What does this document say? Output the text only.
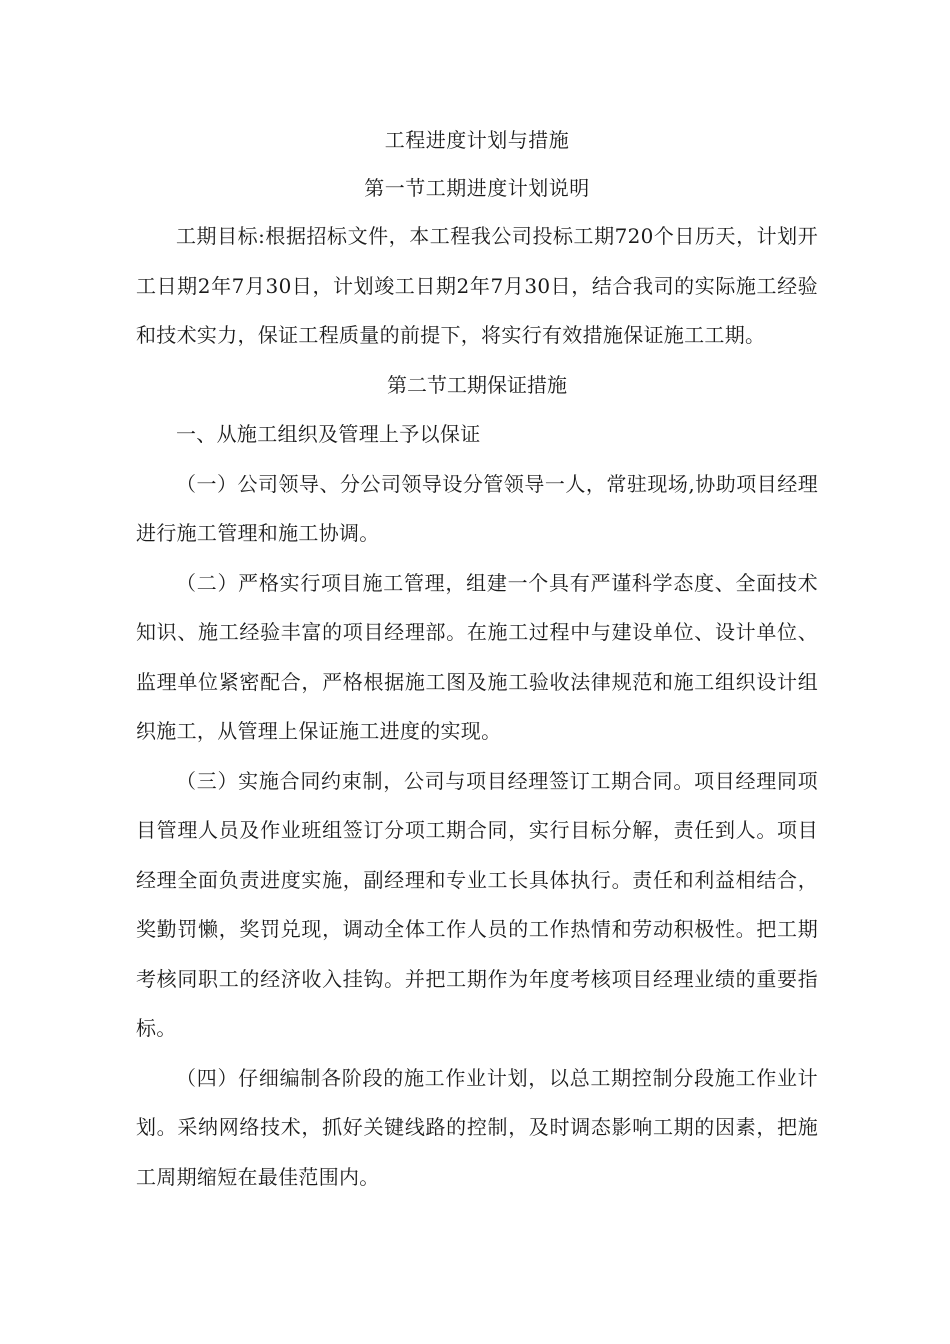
工程进度计划与措施
第一节工期进度计划说明

工期目标:根据招标文件，本工程我公司投标工期720个日历天，计划开工日期2年7月30日，计划竣工日期2年7月30日，结合我司的实际施工经验和技术实力，保证工程质量的前提下，将实行有效措施保证施工工期。

第二节工期保证措施

一、从施工组织及管理上予以保证

（一）公司领导、分公司领导设分管领导一人，常驻现场,协助项目经理进行施工管理和施工协调。

（二）严格实行项目施工管理，组建一个具有严谨科学态度、全面技术知识、施工经验丰富的项目经理部。在施工过程中与建设单位、设计单位、监理单位紧密配合，严格根据施工图及施工验收法律规范和施工组织设计组织施工，从管理上保证施工进度的实现。

（三）实施合同约束制，公司与项目经理签订工期合同。项目经理同项目管理人员及作业班组签订分项工期合同，实行目标分解，责任到人。项目经理全面负责进度实施，副经理和专业工长具体执行。责任和利益相结合，奖勤罚懒，奖罚兑现，调动全体工作人员的工作热情和劳动积极性。把工期考核同职工的经济收入挂钩。并把工期作为年度考核项目经理业绩的重要指标。

（四）仔细编制各阶段的施工作业计划，以总工期控制分段施工作业计划。采纳网络技术，抓好关键线路的控制，及时调态影响工期的因素，把施工周期缩短在最佳范围内。
